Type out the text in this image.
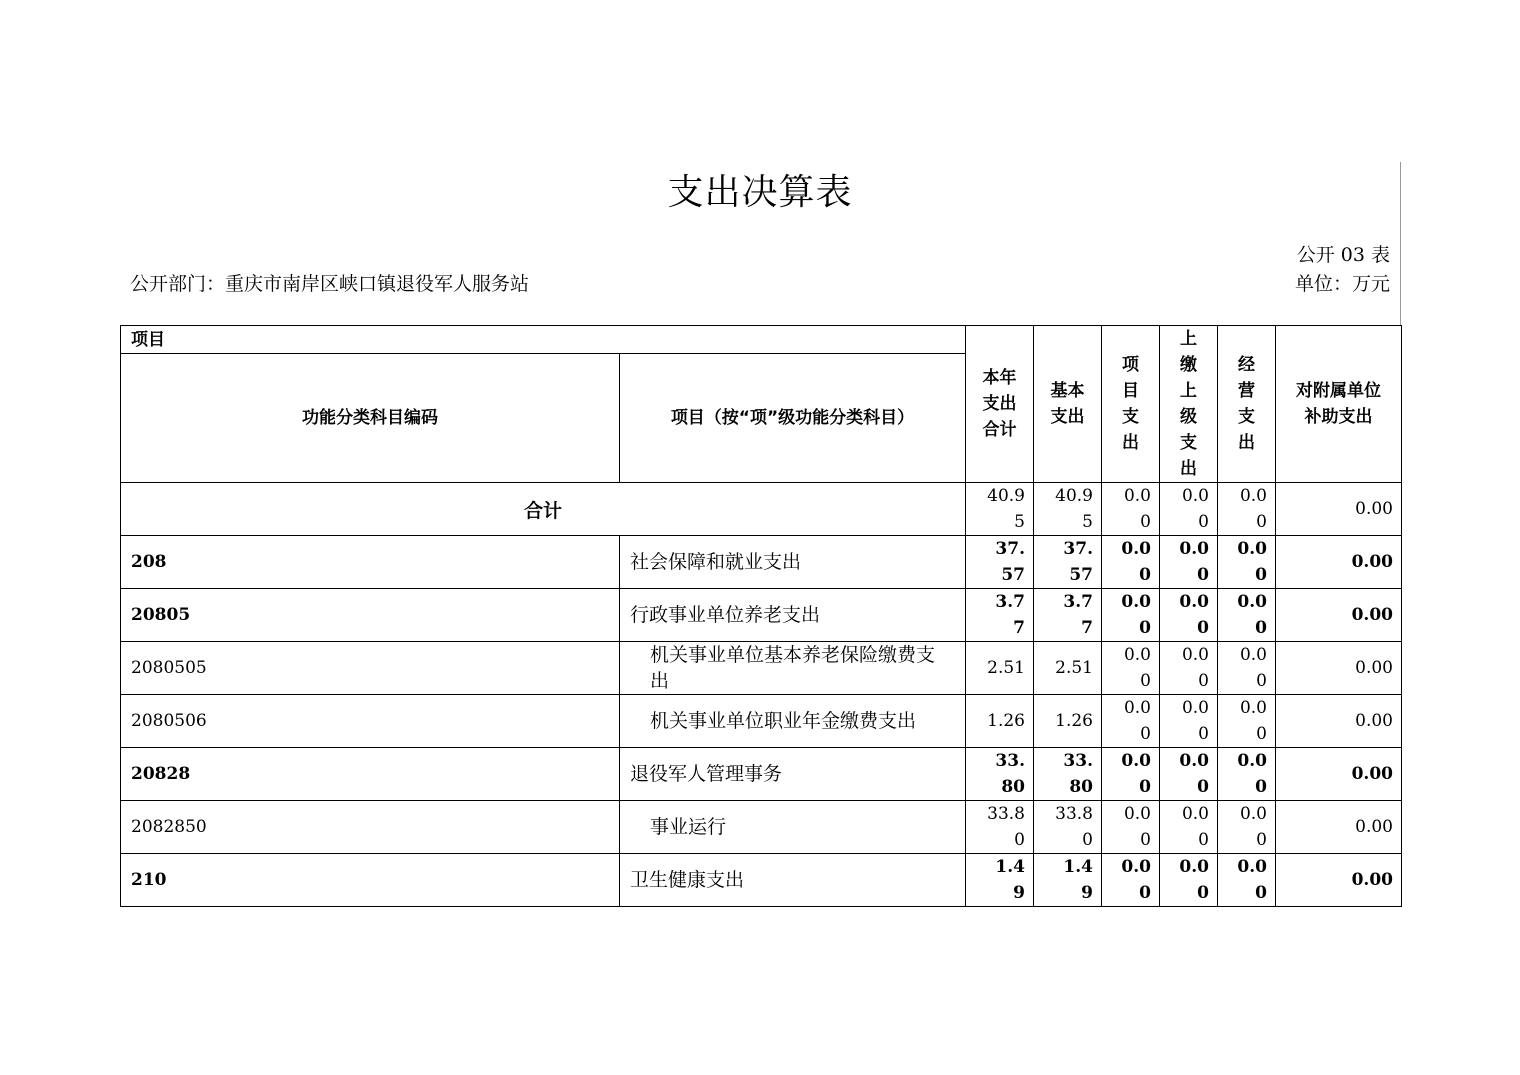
支出决算表
公开 03 表
公开部门：重庆市南岸区峡口镇退役军人服务站	单位：万元
项目		本年支出合计	基本支出	项目支出	上缴上级支出	经营支出	对附属单位补助支出

功能分类科目编码	项目（按“项”级功能分类科目）						
合计		40.95	40.95	0.00	0.00	0.00	0.00
208	社会保障和就业支出	37.57	37.57	0.00	0.00	0.00	0.00
20805	行政事业单位养老支出	3.77	3.77	0.00	0.00	0.00	0.00
2080505	机关事业单位基本养老保险缴费支出	2.51	2.51	0.00	0.00	0.00	0.00
2080506	机关事业单位职业年金缴费支出	1.26	1.26	0.00	0.00	0.00	0.00
20828	退役军人管理事务	33.80	33.80	0.00	0.00	0.00	0.00
2082850	事业运行	33.80	33.80	0.00	0.00	0.00	0.00
210	卫生健康支出	1.49	1.49	0.00	0.00	0.00	0.00
